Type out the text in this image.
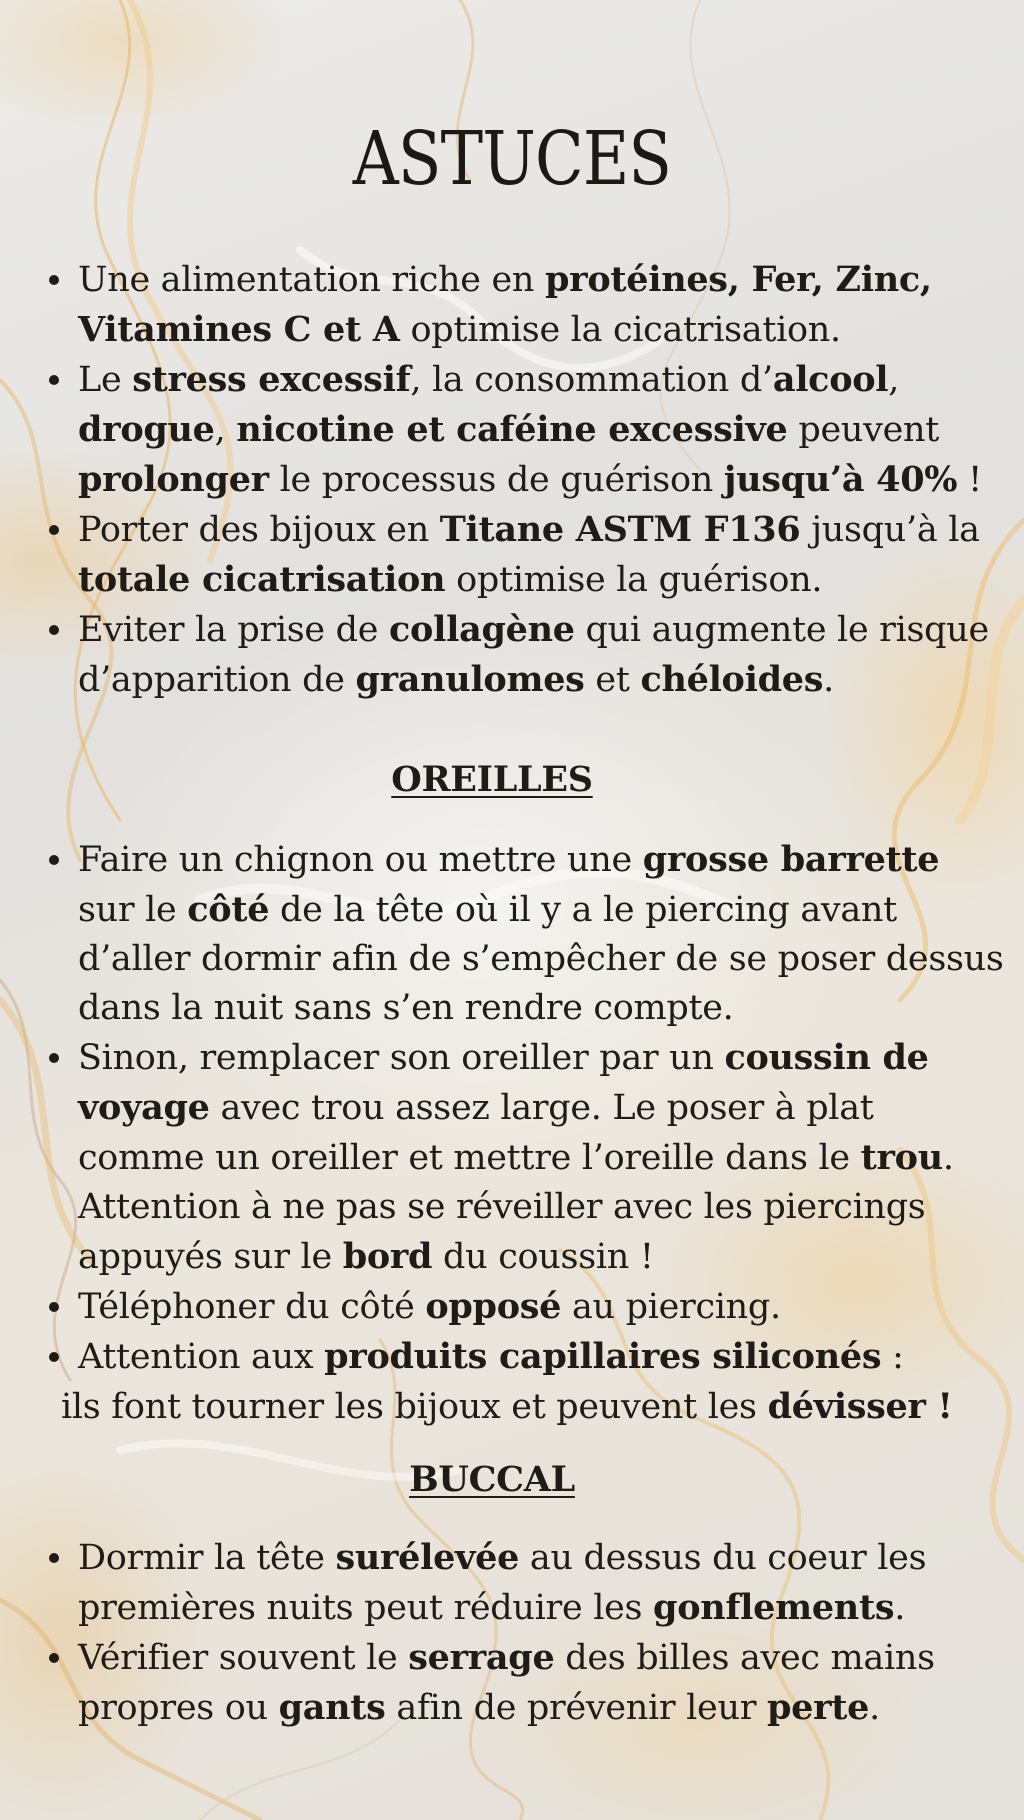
ASTUCES
Une alimentation riche en protéines, Fer, Zinc, Vitamines C et A optimise la cicatrisation.
Le stress excessif, la consommation d’alcool, drogue, nicotine et caféine excessive peuvent prolonger le processus de guérison jusqu’à 40% !
Porter des bijoux en Titane ASTM F136 jusqu’à la totale cicatrisation optimise la guérison.
Eviter la prise de collagène qui augmente le risque d’apparition de granulomes et chéloides.
OREILLES
Faire un chignon ou mettre une grosse barrette sur le côté de la tête où il y a le piercing avant d’aller dormir afin de s’empêcher de se poser dessus dans la nuit sans s’en rendre compte.
Sinon, remplacer son oreiller par un coussin de voyage avec trou assez large. Le poser à plat comme un oreiller et mettre l’oreille dans le trou. Attention à ne pas se réveiller avec les piercings appuyés sur le bord du coussin !
Téléphoner du côté opposé au piercing.
Attention aux produits capillaires siliconés :
ils font tourner les bijoux et peuvent les dévisser !
BUCCAL
Dormir la tête surélevée au dessus du coeur les premières nuits peut réduire les gonflements.
Vérifier souvent le serrage des billes avec mains propres ou gants afin de prévenir leur perte.
